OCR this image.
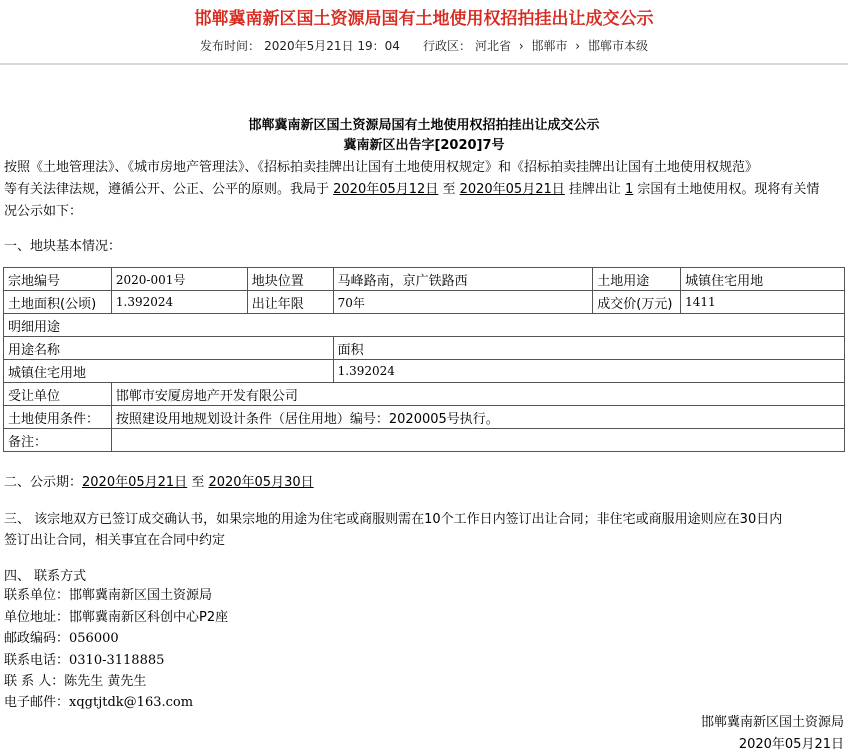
邯郸冀南新区国土资源局国有土地使用权招拍挂出让成交公示
发布时间： 2020年5月21日 19：04 行政区： 河北省 › 邯郸市 › 邯郸市本级
邯郸冀南新区国土资源局国有土地使用权招拍挂出让成交公示
冀南新区出告字[2020]7号
按照《土地管理法》、《城市房地产管理法》、《招标拍卖挂牌出让国有土地使用权规定》和《招标拍卖挂牌出让国有土地使用权规范》
等有关法律法规，遵循公开、公正、公平的原则。我局于 2020年05月12日 至 2020年05月21日 挂牌出让 1 宗国有土地使用权。现将有关情
况公示如下：
一、地块基本情况：
宗地编号	2020-001号	地块位置	马峰路南，京广铁路西	土地用途	城镇住宅用地
土地面积(公顷)	1.392024	出让年限	70年	成交价(万元)	1411
明细用途					
用途名称			面积		
城镇住宅用地			1.392024		
受让单位	邯郸市安厦房地产开发有限公司				
土地使用条件：	按照建设用地规划设计条件（居住用地）编号：2020005号执行。				
备注：					
二、公示期：2020年05月21日 至 2020年05月30日
三、 该宗地双方已签订成交确认书，如果宗地的用途为住宅或商服则需在10个工作日内签订出让合同；非住宅或商服用途则应在30日内
签订出让合同，相关事宜在合同中约定
四、 联系方式
联系单位：邯郸冀南新区国土资源局
单位地址：邯郸冀南新区科创中心P2座
邮政编码：056000
联系电话：0310-3118885
联 系 人：陈先生 黄先生
电子邮件：xqgtjtdk@163.com
邯郸冀南新区国土资源局
2020年05月21日
